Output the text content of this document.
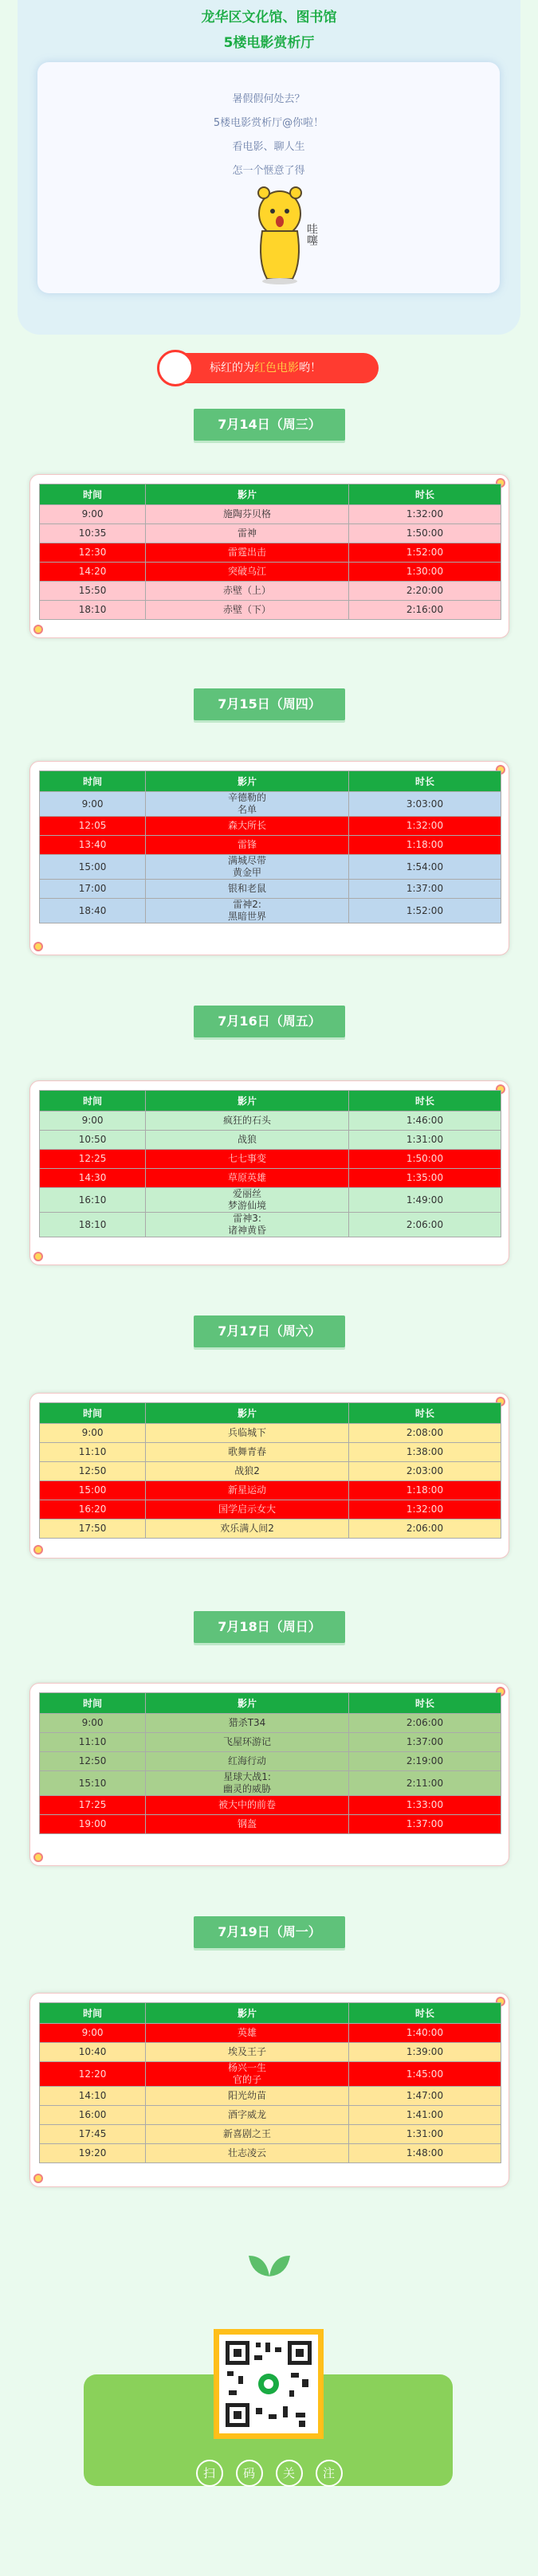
龙华区文化馆、图书馆
5楼电影赏析厅
暑假假何处去？
5楼电影赏析厅@你啦！
看电影、聊人生
怎一个惬意了得
哇噻
标红的为红色电影哟！
7月14日（周三）
时间	影片	时长
9:00	施陶芬贝格	1:32:00
10:35	雷神	1:50:00
12:30	雷霆出击	1:52:00
14:20	突破乌江	1:30:00
15:50	赤壁（上）	2:20:00
18:10	赤壁（下）	2:16:00
7月15日（周四）
时间	影片	时长
9:00	辛德勒的
名单	3:03:00
12:05	森大所长	1:32:00
13:40	雷锋	1:18:00
15:00	满城尽带
黄金甲	1:54:00
17:00	银和老鼠	1:37:00
18:40	雷神2:
黑暗世界	1:52:00
7月16日（周五）
时间	影片	时长
9:00	疯狂的石头	1:46:00
10:50	战狼	1:31:00
12:25	七七事变	1:50:00
14:30	草原英雄	1:35:00
16:10	爱丽丝
梦游仙境	1:49:00
18:10	雷神3:
诸神黄昏	2:06:00
7月17日（周六）
时间	影片	时长
9:00	兵临城下	2:08:00
11:10	歌舞青春	1:38:00
12:50	战狼2	2:03:00
15:00	新星运动	1:18:00
16:20	国学启示女大	1:32:00
17:50	欢乐满人间2	2:06:00
7月18日（周日）
时间	影片	时长
9:00	猎杀T34	2:06:00
11:10	飞屋环游记	1:37:00
12:50	红海行动	2:19:00
15:10	星球大战1:
幽灵的威胁	2:11:00
17:25	被大中的前卷	1:33:00
19:00	钢盔	1:37:00
7月19日（周一）
时间	影片	时长
9:00	英雄	1:40:00
10:40	埃及王子	1:39:00
12:20	杨兴一生
官的子	1:45:00
14:10	阳光幼苗	1:47:00
16:00	酒字威龙	1:41:00
17:45	新喜剧之王	1:31:00
19:20	壮志凌云	1:48:00
扫 码 关 注
